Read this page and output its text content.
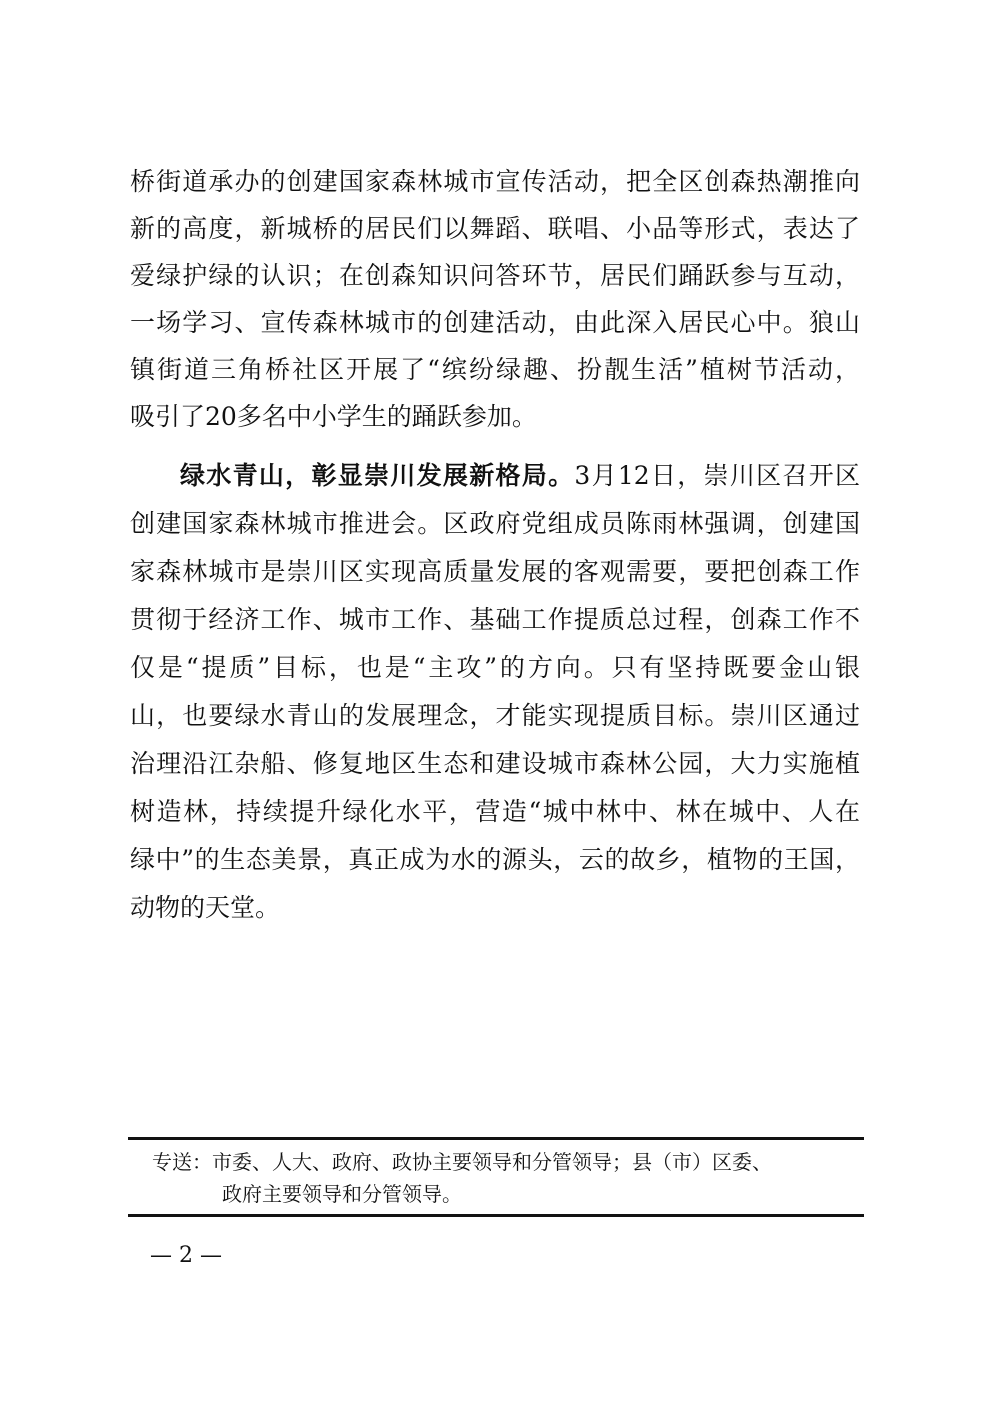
桥街道承办的创建国家森林城市宣传活动，把全区创森热潮推向
新的高度，新城桥的居民们以舞蹈、联唱、小品等形式，表达了
爱绿护绿的认识；在创森知识问答环节，居民们踊跃参与互动，
一场学习、宣传森林城市的创建活动，由此深入居民心中。狼山
镇街道三角桥社区开展了“缤纷绿趣、扮靓生活”植树节活动，
吸引了20多名中小学生的踊跃参加。
绿水青山，彰显崇川发展新格局。3月12日，崇川区召开区
创建国家森林城市推进会。区政府党组成员陈雨林强调，创建国
家森林城市是崇川区实现高质量发展的客观需要，要把创森工作
贯彻于经济工作、城市工作、基础工作提质总过程，创森工作不
仅是“提质”目标，也是“主攻”的方向。只有坚持既要金山银
山，也要绿水青山的发展理念，才能实现提质目标。崇川区通过
治理沿江杂船、修复地区生态和建设城市森林公园，大力实施植
树造林，持续提升绿化水平，营造“城中林中、林在城中、人在
绿中”的生态美景，真正成为水的源头，云的故乡，植物的王国，
动物的天堂。
专送：市委、人大、政府、政协主要领导和分管领导；县（市）区委、
政府主要领导和分管领导。
— 2 —
